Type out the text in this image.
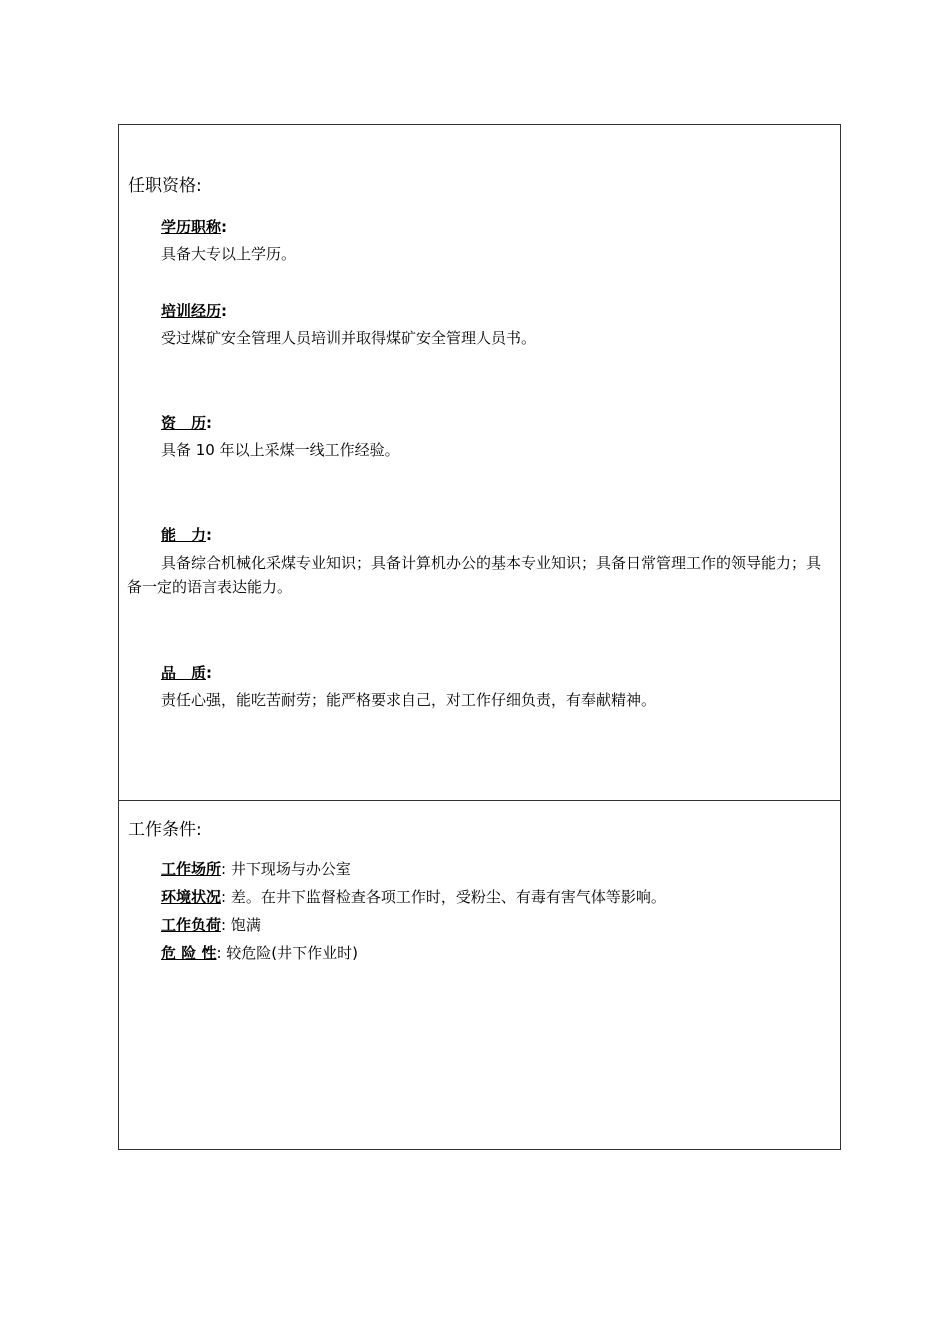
任职资格:
学历职称:
具备大专以上学历。
培训经历:
受过煤矿安全管理人员培训并取得煤矿安全管理人员书。
资　历:
具备 10 年以上采煤一线工作经验。
能　力:
具备综合机械化采煤专业知识；具备计算机办公的基本专业知识；具备日常管理工作的领导能力；具备一定的语言表达能力。
品　质:
责任心强，能吃苦耐劳；能严格要求自己，对工作仔细负责，有奉献精神。
工作条件:
工作场所: 井下现场与办公室
环境状况: 差。在井下监督检查各项工作时，受粉尘、有毒有害气体等影响。
工作负荷: 饱满
危 险 性: 较危险(井下作业时)
